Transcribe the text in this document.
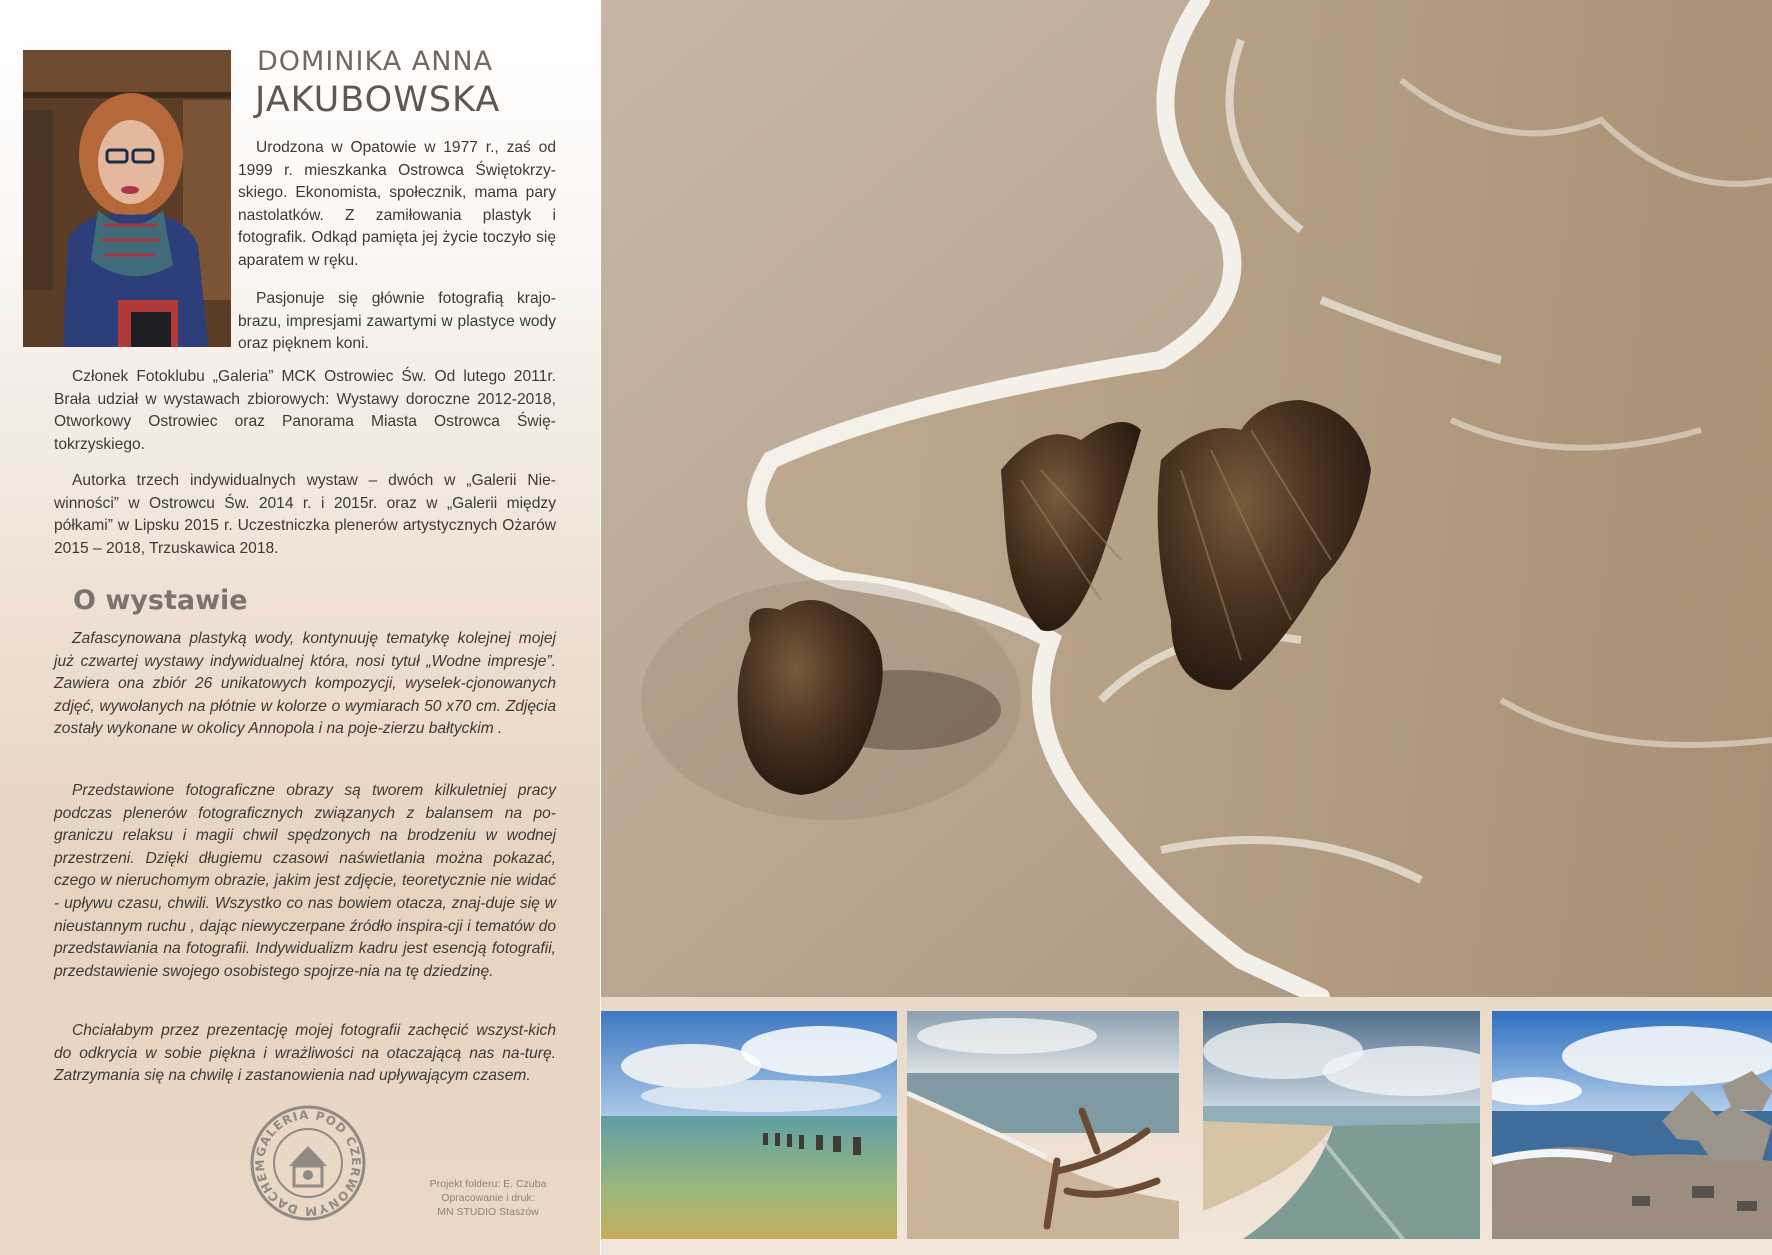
DOMINIKA ANNA
JAKUBOWSKA

Urodzona w Opatowie w 1977 r., zaś od 1999 r. mieszkanka Ostrowca Świętokrzy-skiego. Ekonomista, społecznik, mama pary nastolatków. Z zamiłowania plastyk i fotografik. Odkąd pamięta jej życie toczyło się aparatem w ręku.

Pasjonuje się głównie fotografią krajo-brazu, impresjami zawartymi w plastyce wody oraz pięknem koni.

Członek Fotoklubu „Galeria” MCK Ostrowiec Św. Od lutego 2011r. Brała udział w wystawach zbiorowych: Wystawy doroczne 2012-2018, Otworkowy Ostrowiec oraz Panorama Miasta Ostrowca Świę-tokrzyskiego.

Autorka trzech indywidualnych wystaw – dwóch w „Galerii Nie-winności” w Ostrowcu Św. 2014 r. i 2015r. oraz w „Galerii między półkami” w Lipsku 2015 r. Uczestniczka plenerów artystycznych Ożarów 2015 – 2018, Trzuskawica 2018.

O wystawie

Zafascynowana plastyką wody, kontynuuję tematykę kolejnej mojej już czwartej wystawy indywidualnej która, nosi tytuł „Wodne impresje”. Zawiera ona zbiór 26 unikatowych kompozycji, wyselek-cjonowanych zdjęć, wywołanych na płótnie w kolorze o wymiarach 50 x70 cm. Zdjęcia zostały wykonane w okolicy Annopola i na poje-zierzu bałtyckim .

Przedstawione fotograficzne obrazy są tworem kilkuletniej pracy podczas plenerów fotograficznych związanych z balansem na po-graniczu relaksu i magii chwil spędzonych na brodzeniu w wodnej przestrzeni. Dzięki długiemu czasowi naświetlania można pokazać, czego w nieruchomym obrazie, jakim jest zdjęcie, teoretycznie nie widać - upływu czasu, chwili. Wszystko co nas bowiem otacza, znaj-duje się w nieustannym ruchu , dając niewyczerpane źródło inspira-cji i tematów do przedstawiania na fotografii. Indywidualizm kadru jest esencją fotografii, przedstawienie swojego osobistego spojrze-nia na tę dziedzinę.

Chciałabym przez prezentację mojej fotografii zachęcić wszyst-kich do odkrycia w sobie piękna i wrażliwości na otaczającą nas na-turę. Zatrzymania się na chwilę i zastanowienia nad upływającym czasem.

GALERIA POD CZERWONYM DACHEM
Projekt folderu: E. Czuba
Opracowanie i druk:
MN STUDIO Staszów
